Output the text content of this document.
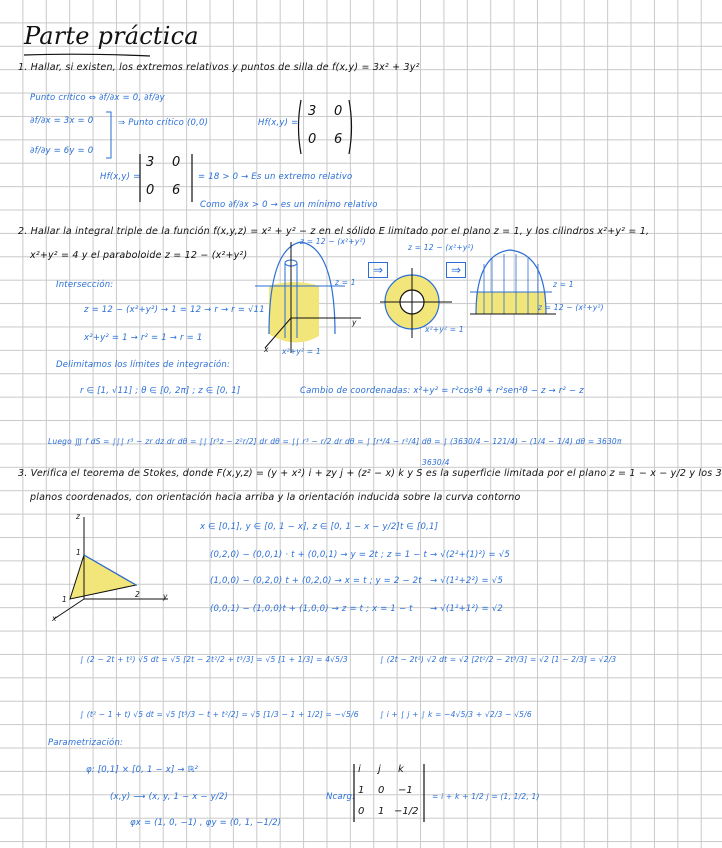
Parte práctica
1. Hallar, si existen, los extremos relativos y puntos de silla de f(x,y) = 3x² + 3y²
Punto crítico ⇔ ∂f/∂x = 0, ∂f/∂y
∂f/∂x = 3x = 0
∂f/∂y = 6y = 0
⇒ Punto crítico (0,0)	Hf(x,y) =
3 0
0 6
Hf(x,y) =
3 0
0 6
= 18 > 0 → Es un extremo relativo
Como ∂f/∂x > 0 → es un mínimo relativo
2. Hallar la integral triple de la función f(x,y,z) = x² + y² − z en el sólido E limitado por el plano z = 1, y los cilindros x²+y² = 1,
x²+y² = 4 y el paraboloide z = 12 − (x²+y²)
z = 12 − (x²+y²)
z = 1
x²+y² = 1
x
y
⇒
z = 12 − (x²+y²)
x²+y² = 1
⇒
z = 1
z = 12 − (x²+y²)
Intersección:
z = 12 − (x²+y²) → 1 = 12 → r → r = √11
x²+y² = 1 → r² = 1 → r = 1
Delimitamos los límites de integración:
r ∈ [1, √11] ; θ ∈ [0, 2π] ; z ∈ [0, 1]	Cambio de coordenadas: x²+y² = r²cos²θ + r²sen²θ − z → r² − z
Luego ∭ f dS = ∫∫∫ r³ − zr dz dr dθ = ∫∫ [r³z − z²r/2] dr dθ = ∫∫ r³ − r/2 dr dθ = ∫ [r⁴/4 − r²/4] dθ = ∫ (3630/4 − 121/4) − (1/4 − 1/4) dθ = 3630π
3630/4
3. Verifica el teorema de Stokes, donde F(x,y,z) = (y + x²) i + zy j + (z² − x) k y S es la superficie limitada por el plano z = 1 − x − y/2 y los 3
planos coordenados, con orientación hacia arriba y la orientación inducida sobre la curva contorno
z
y
x
1
2
1
x ∈ [0,1], y ∈ [0, 1 − x], z ∈ [0, 1 − x − y/2] t ∈ [0,1]
(0,2,0) − (0,0,1) · t + (0,0,1) → y = 2t ; z = 1 − t → √(2²+(1)²) = √5
(1,0,0) − (0,2,0) t + (0,2,0) → x = t ; y = 2 − 2t → √(1²+2²) = √5
(0,0,1) − (1,0,0)t + (1,0,0) → z = t ; x = 1 − t → √(1²+1²) = √2
∫ (2 − 2t + t²) √5 dt = √5 [2t − 2t²/2 + t³/3] = √5 [1 + 1/3] = 4√5/3	∫ (2t − 2t²) √2 dt = √2 [2t²/2 − 2t³/3] = √2 [1 − 2/3] = √2/3
∫ (t² − 1 + t) √5 dt = √5 [t³/3 − t + t²/2] = √5 [1/3 − 1 + 1/2] = −√5/6	∫ i + ∫ j + ∫ k = −4√5/3 + √2/3 − √5/6
Parametrización:
φ: [0,1] × [0, 1 − x] → ℝ²
(x,y) ⟶ (x, y, 1 − x − y/2)
φx = (1, 0, −1) , φy = (0, 1, −1/2)
Ncarg:
i j k
1 0 −1
0 1 −1/2
= i + k + 1/2 j = (1, 1/2, 1)
